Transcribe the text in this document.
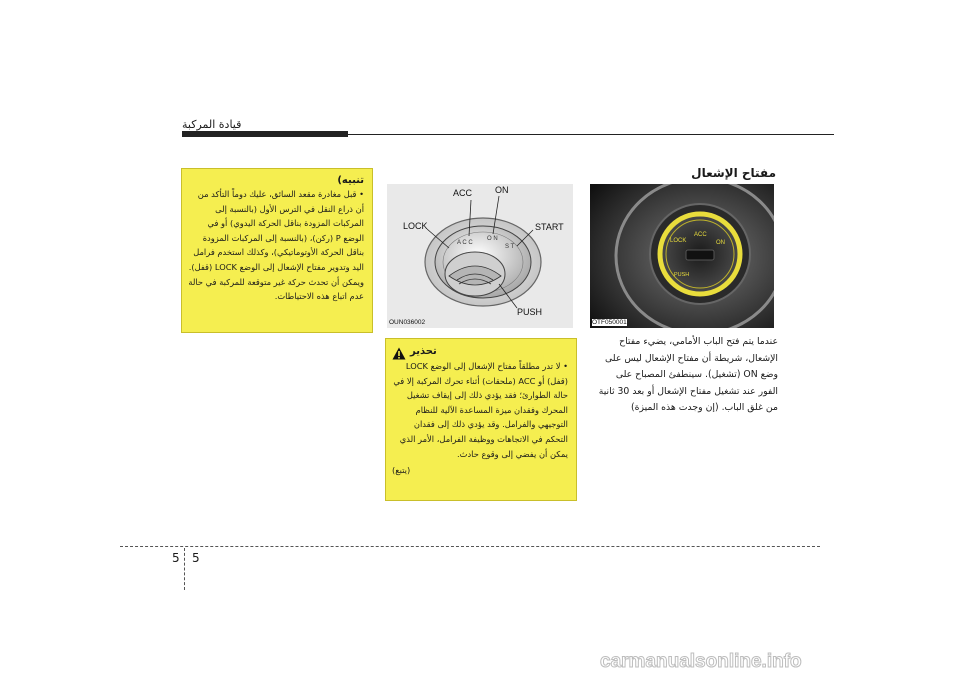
قيادة المركبة
مفتاح الإشعال
A C C
O N
S T
ACC	ON
LOCK	START
PUSH
OUN036002
LOCK
ACC
ON
PUSH
OTF050001
تنبيه)
• قبل مغادرة مقعد السائق، عليك دوماً التأكد من أن ذراع النقل في الترس الأول (بالنسبة إلى المركبات المزودة بناقل الحركة اليدوي) أو في الوضع P (ركن)، (بالنسبة إلى المركبات المزودة بناقل الحركة الأوتوماتيكي)، وكذلك استخدم فرامل اليد وتدوير مفتاح الإشعال إلى الوضع LOCK (قفل). ويمكن أن تحدث حركة غير متوقعة للمركبة في حالة عدم اتباع هذه الاحتياطات.
تحذير
• لا تدر مطلقاً مفتاح الإشعال إلى الوضع LOCK (قفل) أو ACC (ملحقات) أثناء تحرك المركبة إلا في حالة الطوارئ؛ فقد يؤدي ذلك إلى إيقاف تشغيل المحرك وفقدان ميزة المساعدة الآلية للنظام التوجيهي والفرامل. وقد يؤدي ذلك إلى فقدان التحكم في الاتجاهات ووظيفة الفرامل، الأمر الذي يمكن أن يفضي إلى وقوع حادث.
(يتبع)
عندما يتم فتح الباب الأمامي، يضيء مفتاح الإشعال، شريطة أن مفتاح الإشعال ليس على وضع ON (تشغيل). سينطفئ المصباح على الفور عند تشغيل مفتاح الإشعال أو بعد 30 ثانية من غلق الباب. (إن وجدت هذه الميزة)
5 5
carmanualsonline.info
